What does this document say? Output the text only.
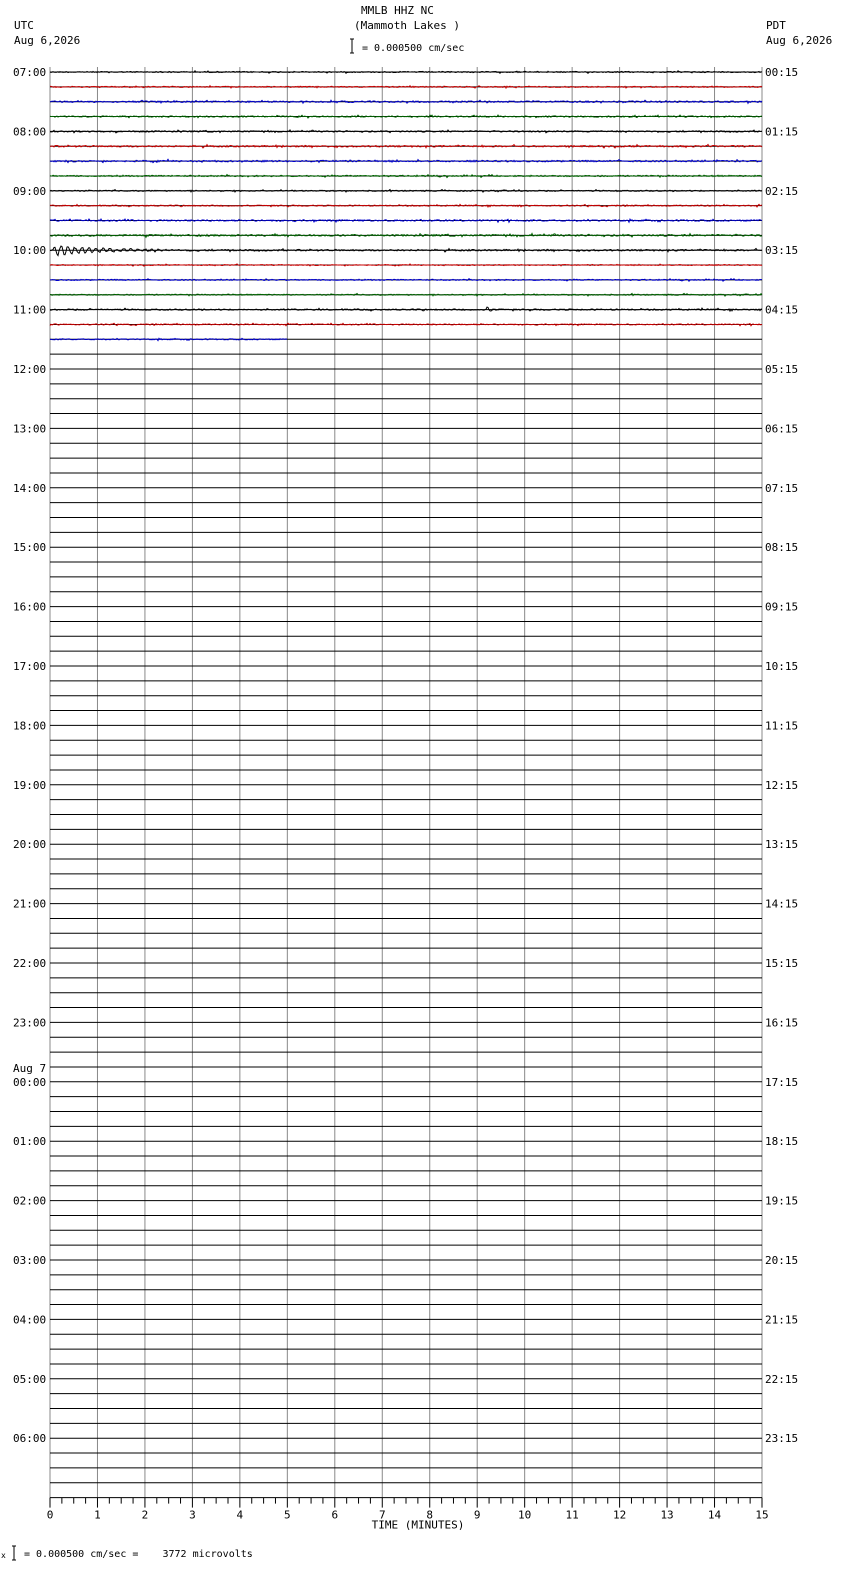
MMLB HHZ NC
(Mammoth Lakes )
UTC
Aug 6,2026
PDT
Aug 6,2026
= 0.000500 cm/sec
x = 0.000500 cm/sec =    3772 microvolts
0	1	2	3	4	5	6	7	8	9	10	11	12	13	14	15
TIME (MINUTES)
07:00	00:15
08:00	01:15
09:00	02:15
10:00	03:15
11:00	04:15
12:00	05:15
13:00	06:15
14:00	07:15
15:00	08:15
16:00	09:15
17:00	10:15
18:00	11:15
19:00	12:15
20:00	13:15
21:00	14:15
22:00	15:15
23:00	16:15
00:00	17:15
Aug 7
01:00	18:15
02:00	19:15
03:00	20:15
04:00	21:15
05:00	22:15
06:00	23:15
